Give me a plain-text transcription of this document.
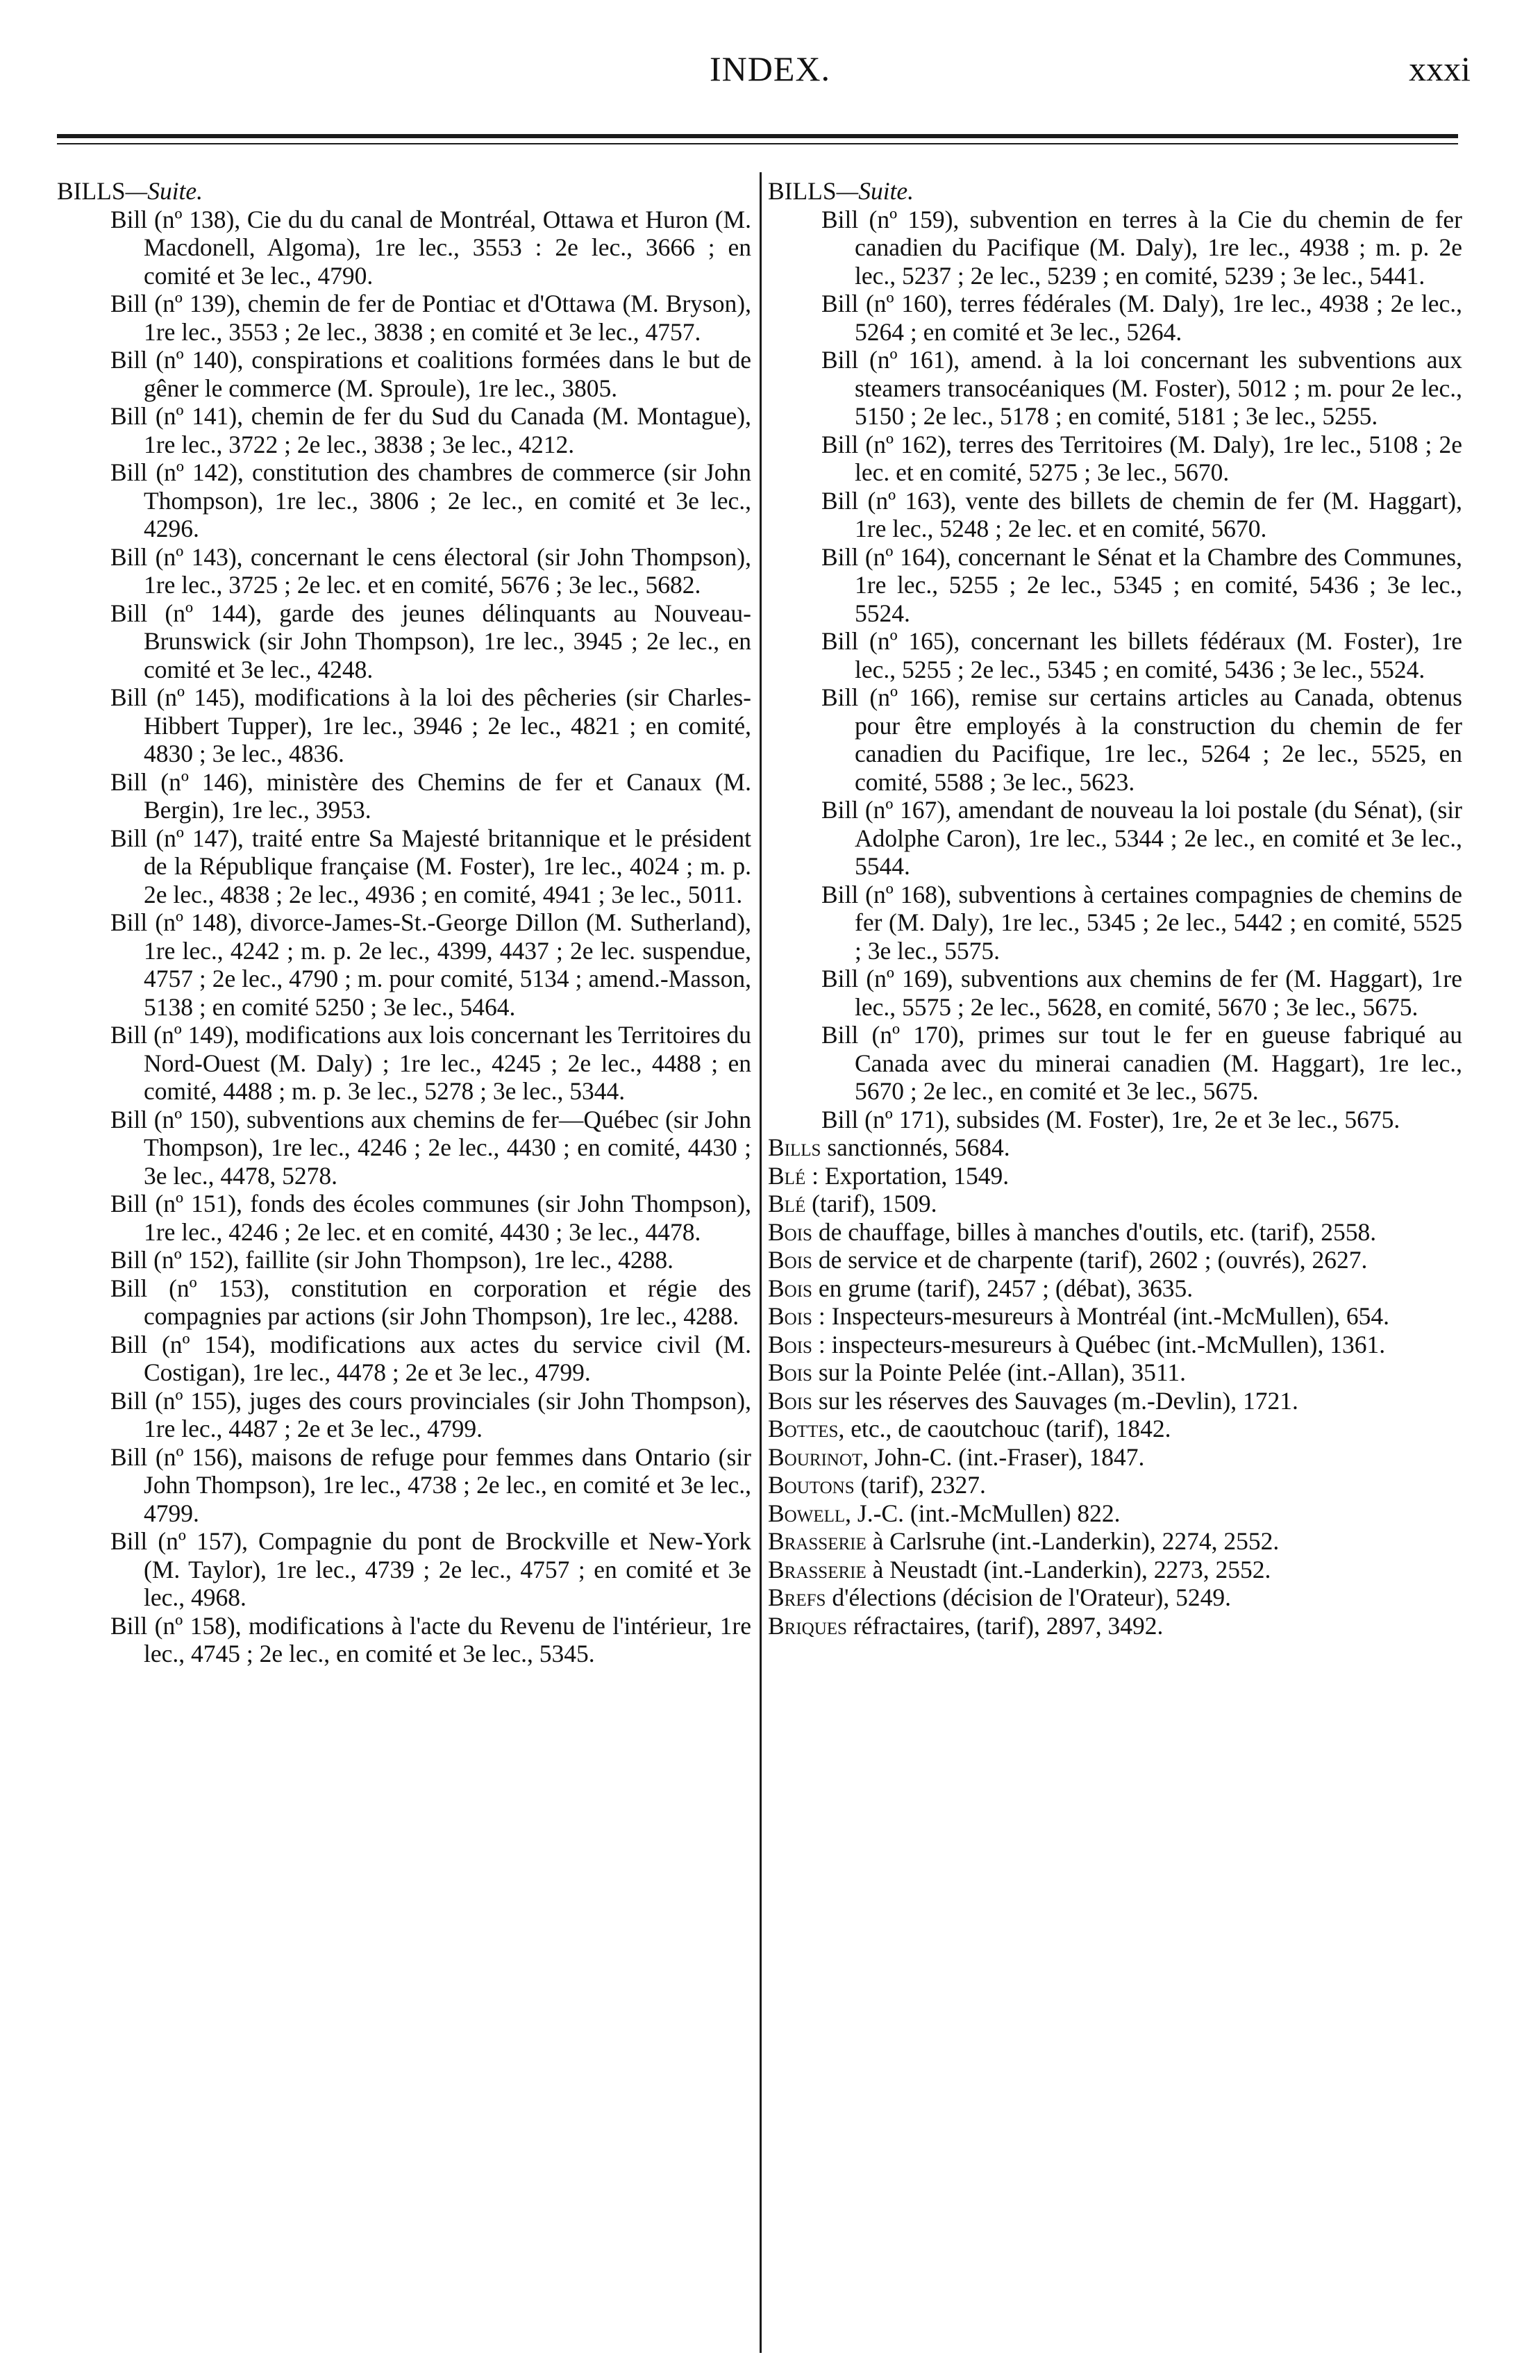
INDEX.	xxxi
BILLS—Suite.
Bill (nº 138), Cie du du canal de Montréal, Ottawa et Huron (M. Macdonell, Algoma), 1re lec., 3553 : 2e lec., 3666 ; en comité et 3e lec., 4790.
Bill (nº 139), chemin de fer de Pontiac et d'Ottawa (M. Bryson), 1re lec., 3553 ; 2e lec., 3838 ; en comité et 3e lec., 4757.
Bill (nº 140), conspirations et coalitions formées dans le but de gêner le commerce (M. Sproule), 1re lec., 3805.
Bill (nº 141), chemin de fer du Sud du Canada (M. Montague), 1re lec., 3722 ; 2e lec., 3838 ; 3e lec., 4212.
Bill (nº 142), constitution des chambres de commerce (sir John Thompson), 1re lec., 3806 ; 2e lec., en comité et 3e lec., 4296.
Bill (nº 143), concernant le cens électoral (sir John Thompson), 1re lec., 3725 ; 2e lec. et en comité, 5676 ; 3e lec., 5682.
Bill (nº 144), garde des jeunes délinquants au Nouveau-Brunswick (sir John Thompson), 1re lec., 3945 ; 2e lec., en comité et 3e lec., 4248.
Bill (nº 145), modifications à la loi des pêcheries (sir Charles-Hibbert Tupper), 1re lec., 3946 ; 2e lec., 4821 ; en comité, 4830 ; 3e lec., 4836.
Bill (nº 146), ministère des Chemins de fer et Canaux (M. Bergin), 1re lec., 3953.
Bill (nº 147), traité entre Sa Majesté britannique et le président de la République française (M. Foster), 1re lec., 4024 ; m. p. 2e lec., 4838 ; 2e lec., 4936 ; en comité, 4941 ; 3e lec., 5011.
Bill (nº 148), divorce-James-St.-George Dillon (M. Sutherland), 1re lec., 4242 ; m. p. 2e lec., 4399, 4437 ; 2e lec. suspendue, 4757 ; 2e lec., 4790 ; m. pour comité, 5134 ; amend.-Masson, 5138 ; en comité 5250 ; 3e lec., 5464.
Bill (nº 149), modifications aux lois concernant les Territoires du Nord-Ouest (M. Daly) ; 1re lec., 4245 ; 2e lec., 4488 ; en comité, 4488 ; m. p. 3e lec., 5278 ; 3e lec., 5344.
Bill (nº 150), subventions aux chemins de fer—Québec (sir John Thompson), 1re lec., 4246 ; 2e lec., 4430 ; en comité, 4430 ; 3e lec., 4478, 5278.
Bill (nº 151), fonds des écoles communes (sir John Thompson), 1re lec., 4246 ; 2e lec. et en comité, 4430 ; 3e lec., 4478.
Bill (nº 152), faillite (sir John Thompson), 1re lec., 4288.
Bill (nº 153), constitution en corporation et régie des compagnies par actions (sir John Thompson), 1re lec., 4288.
Bill (nº 154), modifications aux actes du service civil (M. Costigan), 1re lec., 4478 ; 2e et 3e lec., 4799.
Bill (nº 155), juges des cours provinciales (sir John Thompson), 1re lec., 4487 ; 2e et 3e lec., 4799.
Bill (nº 156), maisons de refuge pour femmes dans Ontario (sir John Thompson), 1re lec., 4738 ; 2e lec., en comité et 3e lec., 4799.
Bill (nº 157), Compagnie du pont de Brockville et New-York (M. Taylor), 1re lec., 4739 ; 2e lec., 4757 ; en comité et 3e lec., 4968.
Bill (nº 158), modifications à l'acte du Revenu de l'intérieur, 1re lec., 4745 ; 2e lec., en comité et 3e lec., 5345.
BILLS—Suite.
Bill (nº 159), subvention en terres à la Cie du chemin de fer canadien du Pacifique (M. Daly), 1re lec., 4938 ; m. p. 2e lec., 5237 ; 2e lec., 5239 ; en comité, 5239 ; 3e lec., 5441.
Bill (nº 160), terres fédérales (M. Daly), 1re lec., 4938 ; 2e lec., 5264 ; en comité et 3e lec., 5264.
Bill (nº 161), amend. à la loi concernant les subventions aux steamers transocéaniques (M. Foster), 5012 ; m. pour 2e lec., 5150 ; 2e lec., 5178 ; en comité, 5181 ; 3e lec., 5255.
Bill (nº 162), terres des Territoires (M. Daly), 1re lec., 5108 ; 2e lec. et en comité, 5275 ; 3e lec., 5670.
Bill (nº 163), vente des billets de chemin de fer (M. Haggart), 1re lec., 5248 ; 2e lec. et en comité, 5670.
Bill (nº 164), concernant le Sénat et la Chambre des Communes, 1re lec., 5255 ; 2e lec., 5345 ; en comité, 5436 ; 3e lec., 5524.
Bill (nº 165), concernant les billets fédéraux (M. Foster), 1re lec., 5255 ; 2e lec., 5345 ; en comité, 5436 ; 3e lec., 5524.
Bill (nº 166), remise sur certains articles au Canada, obtenus pour être employés à la construction du chemin de fer canadien du Pacifique, 1re lec., 5264 ; 2e lec., 5525, en comité, 5588 ; 3e lec., 5623.
Bill (nº 167), amendant de nouveau la loi postale (du Sénat), (sir Adolphe Caron), 1re lec., 5344 ; 2e lec., en comité et 3e lec., 5544.
Bill (nº 168), subventions à certaines compagnies de chemins de fer (M. Daly), 1re lec., 5345 ; 2e lec., 5442 ; en comité, 5525 ; 3e lec., 5575.
Bill (nº 169), subventions aux chemins de fer (M. Haggart), 1re lec., 5575 ; 2e lec., 5628, en comité, 5670 ; 3e lec., 5675.
Bill (nº 170), primes sur tout le fer en gueuse fabriqué au Canada avec du minerai canadien (M. Haggart), 1re lec., 5670 ; 2e lec., en comité et 3e lec., 5675.
Bill (nº 171), subsides (M. Foster), 1re, 2e et 3e lec., 5675.
Bills sanctionnés, 5684.
Blé : Exportation, 1549.
Blé (tarif), 1509.
Bois de chauffage, billes à manches d'outils, etc. (tarif), 2558.
Bois de service et de charpente (tarif), 2602 ; (ouvrés), 2627.
Bois en grume (tarif), 2457 ; (débat), 3635.
Bois : Inspecteurs-mesureurs à Montréal (int.-McMullen), 654.
Bois : inspecteurs-mesureurs à Québec (int.-McMullen), 1361.
Bois sur la Pointe Pelée (int.-Allan), 3511.
Bois sur les réserves des Sauvages (m.-Devlin), 1721.
Bottes, etc., de caoutchouc (tarif), 1842.
Bourinot, John-C. (int.-Fraser), 1847.
Boutons (tarif), 2327.
Bowell, J.-C. (int.-McMullen) 822.
Brasserie à Carlsruhe (int.-Landerkin), 2274, 2552.
Brasserie à Neustadt (int.-Landerkin), 2273, 2552.
Brefs d'élections (décision de l'Orateur), 5249.
Briques réfractaires, (tarif), 2897, 3492.
